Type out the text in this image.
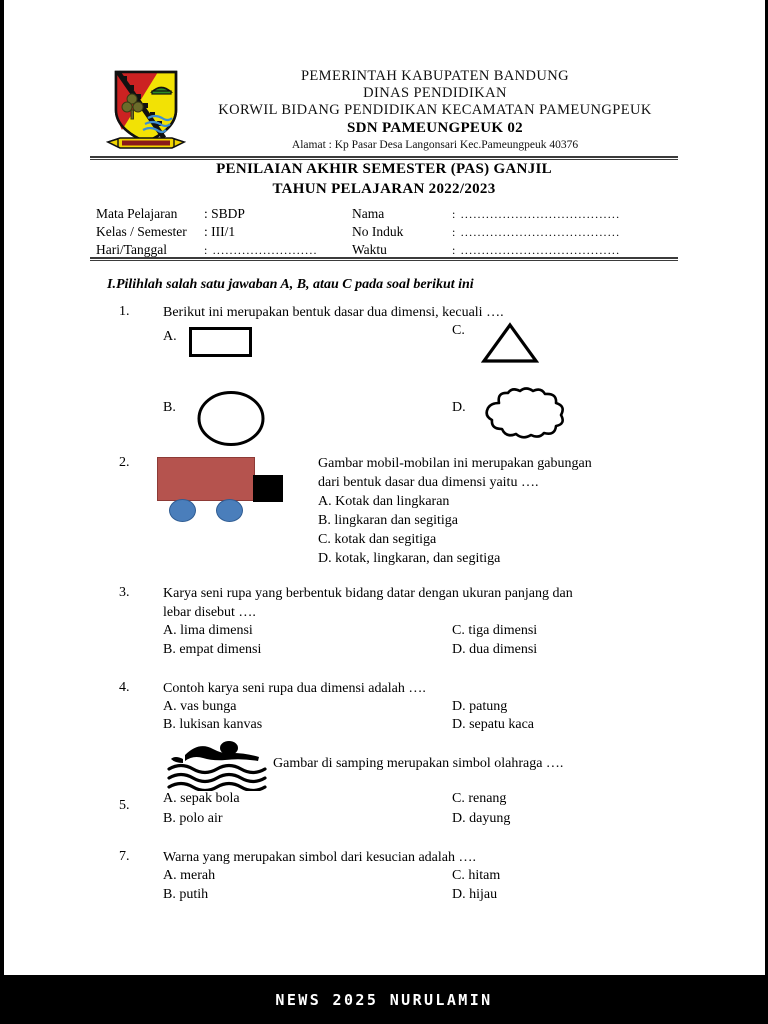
PEMERINTAH KABUPATEN BANDUNG
DINAS PENDIDIKAN
KORWIL BIDANG PENDIDIKAN KECAMATAN PAMEUNGPEUK
SDN PAMEUNGPEUK 02
Alamat : Kp Pasar Desa Langonsari Kec.Pameungpeuk 40376
PENILAIAN AKHIR SEMESTER (PAS) GANJIL
TAHUN PELAJARAN 2022/2023
Mata Pelajaran	: SBDP	Nama	: ......................................
Kelas / Semester	: III/1	No Induk	: ......................................
Hari/Tanggal	: .........................	Waktu	: ......................................
I.Pilihlah salah satu jawaban A, B, atau C pada soal berikut ini
1.	Berikut ini merupakan bentuk dasar dua dimensi, kecuali ….
A.
B.
C.
D.
2.	Gambar mobil-mobilan ini merupakan gabungan
dari bentuk dasar dua dimensi yaitu ….
A. Kotak dan lingkaran
B. lingkaran dan segitiga
C. kotak dan segitiga
D. kotak, lingkaran, dan segitiga
3.	Karya seni rupa yang berbentuk bidang datar dengan ukuran panjang dan
lebar disebut ….
A. lima dimensi
B. empat dimensi
C. tiga dimensi
D. dua dimensi
4.	Contoh karya seni rupa dua dimensi adalah ….
A. vas bunga
B. lukisan kanvas
D. patung
D. sepatu kaca
5.
Gambar di samping merupakan simbol olahraga ….
A. sepak bola
B. polo air
C. renang
D. dayung
7.	Warna yang merupakan simbol dari kesucian adalah ….
A. merah
B. putih
C. hitam
D. hijau
NEWS 2025 NURULAMIN
